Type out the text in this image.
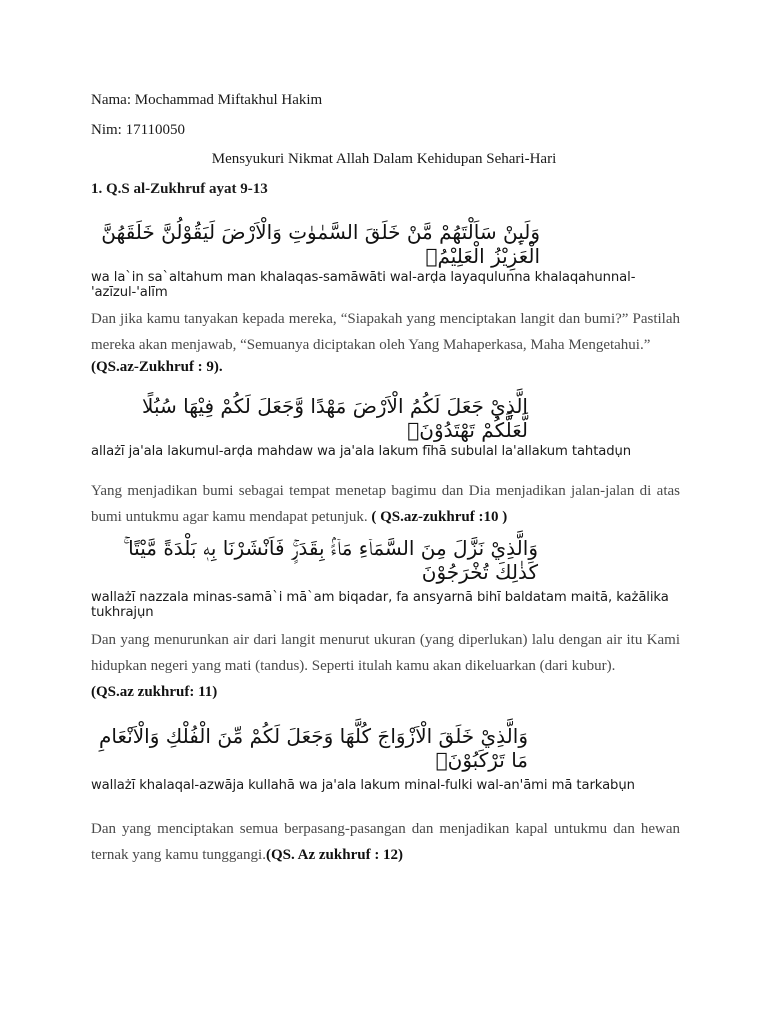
Nama: Mochammad Miftakhul Hakim

Nim: 17110050

Mensyukuri Nikmat Allah Dalam Kehidupan Sehari-Hari

1. Q.S al-Zukhruf ayat 9-13

وَلَىِٕنْ سَاَلْتَهُمْ مَّنْ خَلَقَ السَّمٰوٰتِ وَالْاَرْضَ لَيَقُوْلُنَّ خَلَقَهُنَّ الْعَزِيْزُ الْعَلِيْمُۙ

wa la`in sa`altahum man khalaqas-samāwāti wal-arḍa layaqulunna khalaqahunnal-'azīzul-'alīm

Dan jika kamu tanyakan kepada mereka, “Siapakah yang menciptakan langit dan bumi?” Pastilah mereka akan menjawab, “Semuanya diciptakan oleh Yang Mahaperkasa, Maha Mengetahui.”

(QS.az-Zukhruf : 9).

الَّذِيْ جَعَلَ لَكُمُ الْاَرْضَ مَهْدًا وَّجَعَلَ لَكُمْ فِيْهَا سُبُلًا لَّعَلَّكُمْ تَهْتَدُوْنَۚ

allażī ja'ala lakumul-arḍa mahdaw wa ja'ala lakum fīhā subulal la'allakum tahtadụn

Yang menjadikan bumi sebagai tempat menetap bagimu dan Dia menjadikan jalan-jalan di atas bumi untukmu agar kamu mendapat petunjuk. ( QS.az-zukhruf :10 )

وَالَّذِيْ نَزَّلَ مِنَ السَّمَاۤءِ مَاۤءًۢ بِقَدَرٍۚ فَاَنْشَرْنَا بِهٖ بَلْدَةً مَّيْتًا ۚ كَذٰلِكَ تُخْرَجُوْنَ

wallażī nazzala minas-samā`i mā`am biqadar, fa ansyarnā bihī baldatam maitā, każālika tukhrajụn

Dan yang menurunkan air dari langit menurut ukuran (yang diperlukan) lalu dengan air itu Kami hidupkan negeri yang mati (tandus). Seperti itulah kamu akan dikeluarkan (dari kubur).

(QS.az zukhruf: 11)

وَالَّذِيْ خَلَقَ الْاَزْوَاجَ كُلَّهَا وَجَعَلَ لَكُمْ مِّنَ الْفُلْكِ وَالْاَنْعَامِ مَا تَرْكَبُوْنَۙ

wallażī khalaqal-azwāja kullahā wa ja'ala lakum minal-fulki wal-an'āmi mā tarkabụn

Dan yang menciptakan semua berpasang-pasangan dan menjadikan kapal untukmu dan hewan ternak yang kamu tunggangi.(QS. Az zukhruf : 12)
